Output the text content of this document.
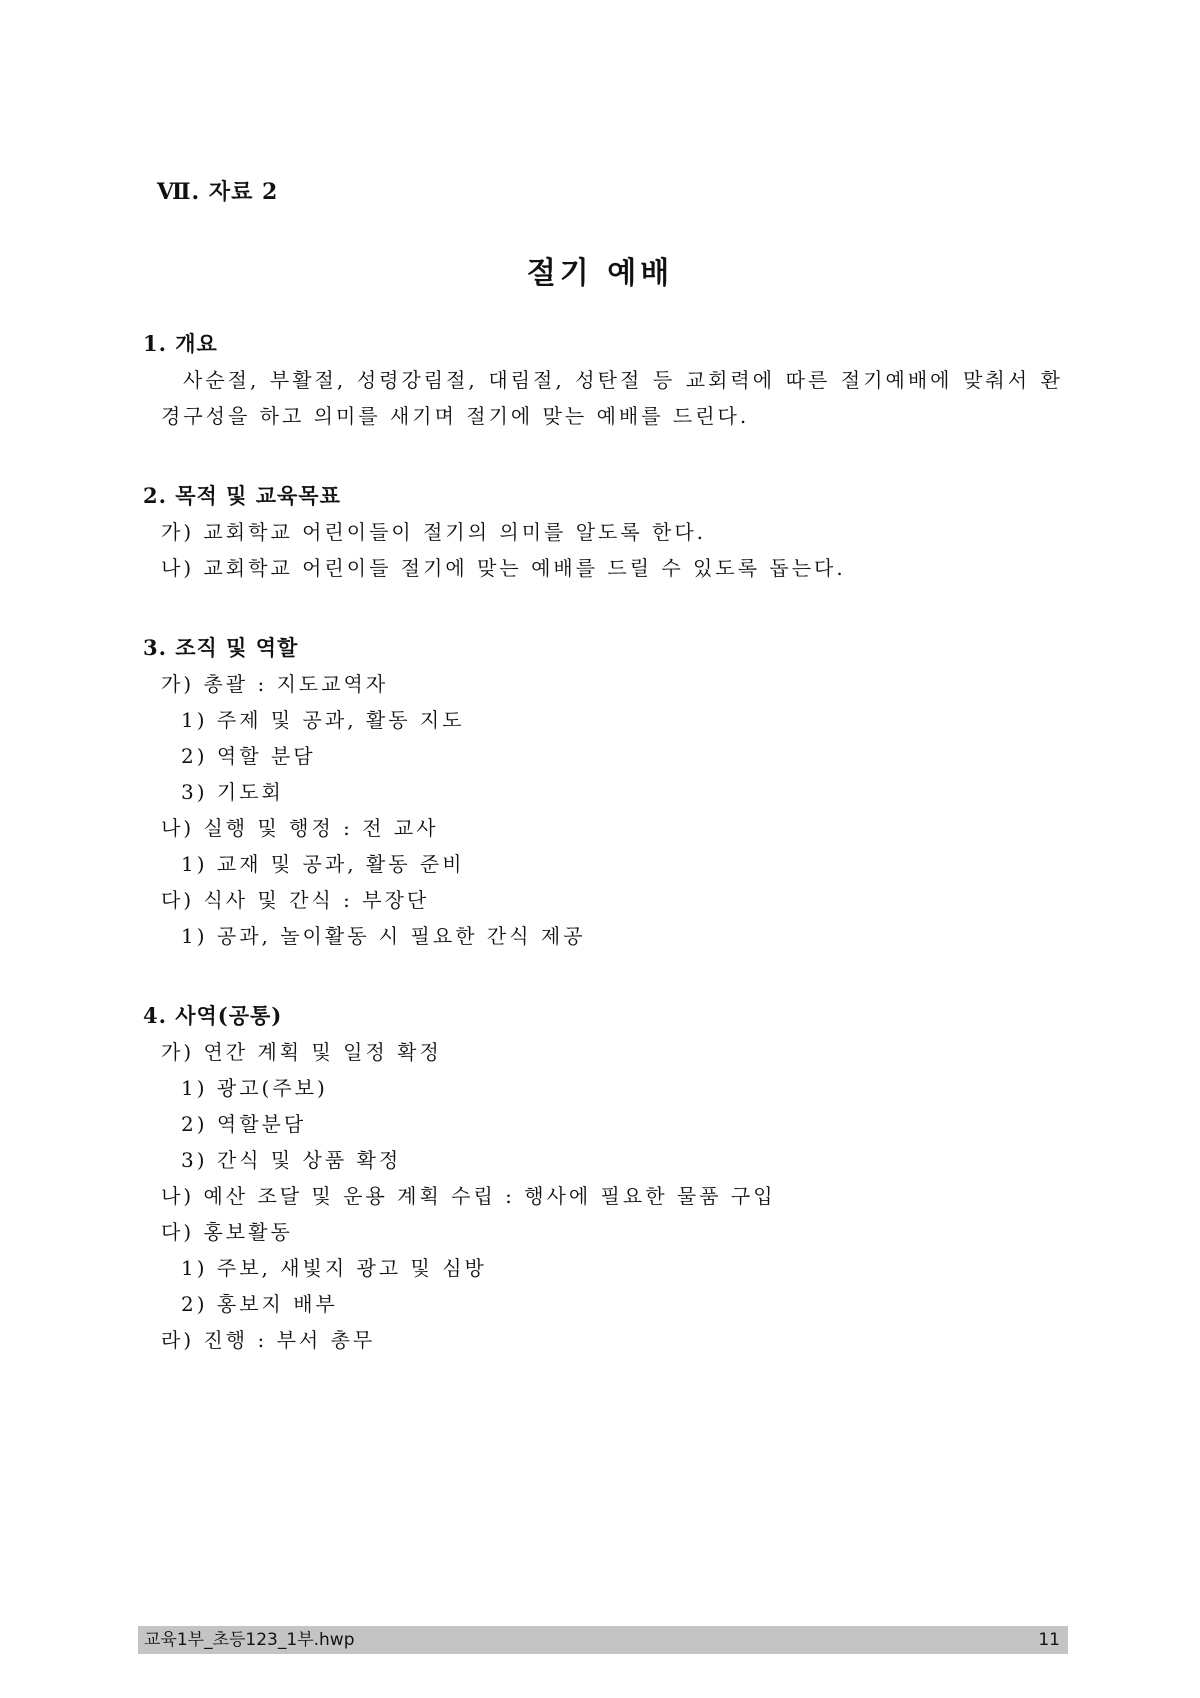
Ⅶ. 자료 2
절기 예배
1. 개요
사순절, 부활절, 성령강림절, 대림절, 성탄절 등 교회력에 따른 절기예배에 맞춰서 환경구성을 하고 의미를 새기며 절기에 맞는 예배를 드린다.
2. 목적 및 교육목표
가) 교회학교 어린이들이 절기의 의미를 알도록 한다.
나) 교회학교 어린이들 절기에 맞는 예배를 드릴 수 있도록 돕는다.
3. 조직 및 역할
가) 총괄 : 지도교역자
1) 주제 및 공과, 활동 지도
2) 역할 분담
3) 기도회
나) 실행 및 행정 : 전 교사
1) 교재 및 공과, 활동 준비
다) 식사 및 간식 : 부장단
1) 공과, 놀이활동 시 필요한 간식 제공
4. 사역(공통)
가) 연간 계획 및 일정 확정
1) 광고(주보)
2) 역할분담
3) 간식 및 상품 확정
나) 예산 조달 및 운용 계획 수립 : 행사에 필요한 물품 구입
다) 홍보활동
1) 주보, 새빛지 광고 및 심방
2) 홍보지 배부
라) 진행 : 부서 총무
교육1부_초등123_1부.hwp	11
